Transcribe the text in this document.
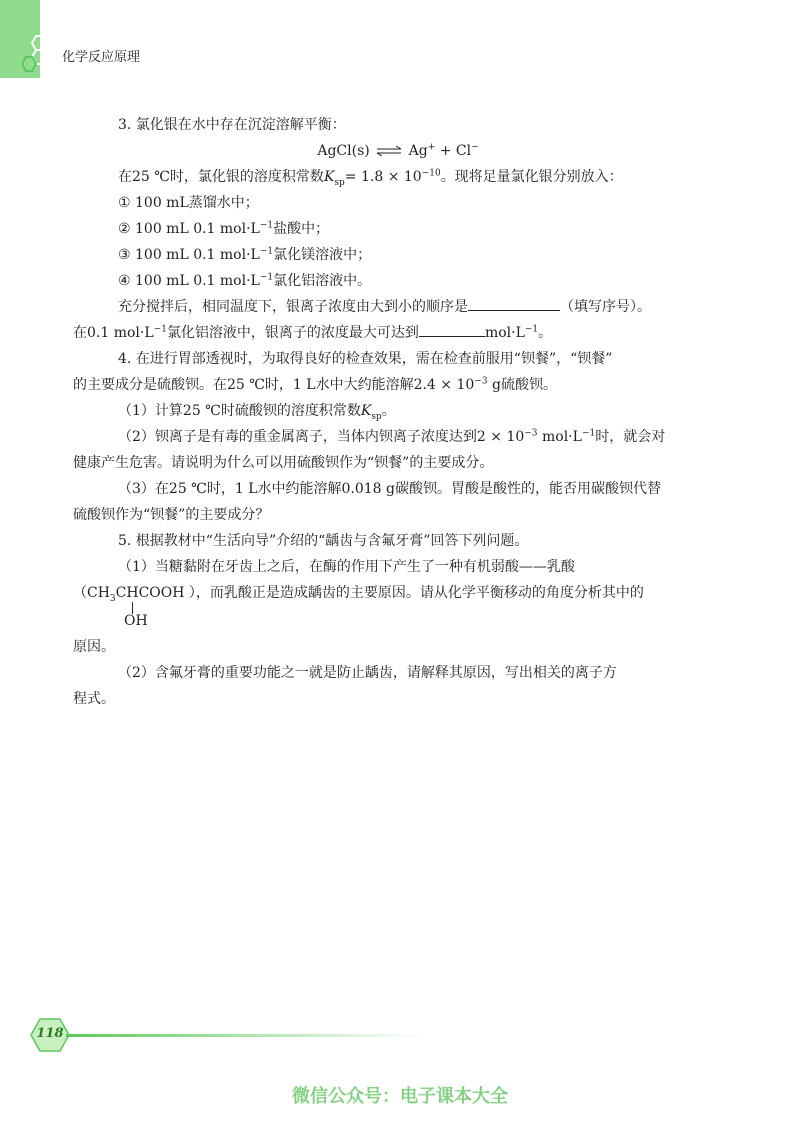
化学反应原理

3. 氯化银在水中存在沉淀溶解平衡：

AgCl(s) ⇌ Ag+ + Cl−

在25 ℃时，氯化银的溶度积常数$K_{sp}= 1.8 \times 10^{-10}$。现将足量氯化银分别放入：

① 100 mL蒸馏水中；

② 100 mL 0.1 $mol\cdot L^{-1}$盐酸中；

③ 100 mL 0.1 $mol\cdot L^{-1}$氯化镁溶液中；

④ 100 mL 0.1 $mol\cdot L^{-1}$氯化铝溶液中。

充分搅拌后，相同温度下，银离子浓度由大到小的顺序是	（填写序号）。

在0.1 $mol\cdot L^{-1}$氯化铝溶液中，银离子的浓度最大可达到	$mol\cdot L^{-1}$。

4. 在进行胃部透视时，为取得良好的检查效果，需在检查前服用“钡餐”，“钡餐”

的主要成分是硫酸钡。在25 ℃时，1 L水中大约能溶解$2.4 \times 10^{-3}$ g硫酸钡。

（1）计算25 ℃时硫酸钡的溶度积常数$K_{sp}$。

（2）钡离子是有毒的重金属离子，当体内钡离子浓度达到$2 \times 10^{-3}$ $mol\cdot L^{-1}$时，就会对

健康产生危害。请说明为什么可以用硫酸钡作为“钡餐”的主要成分。

（3）在25 ℃时，1 L水中约能溶解0.018 g碳酸钡。胃酸是酸性的，能否用碳酸钡代替

硫酸钡作为“钡餐”的主要成分？

5. 根据教材中“生活向导”介绍的“龋齿与含氟牙膏”回答下列问题。

（1）当糖黏附在牙齿上之后，在酶的作用下产生了一种有机弱酸——乳酸

（$CH_3CHCOOH$ ），而乳酸正是造成龋齿的主要原因。请从化学平衡移动的角度分析其中的

OH

原因。

（2）含氟牙膏的重要功能之一就是防止龋齿，请解释其原因，写出相关的离子方

程式。

118
微信公众号：电子课本大全
